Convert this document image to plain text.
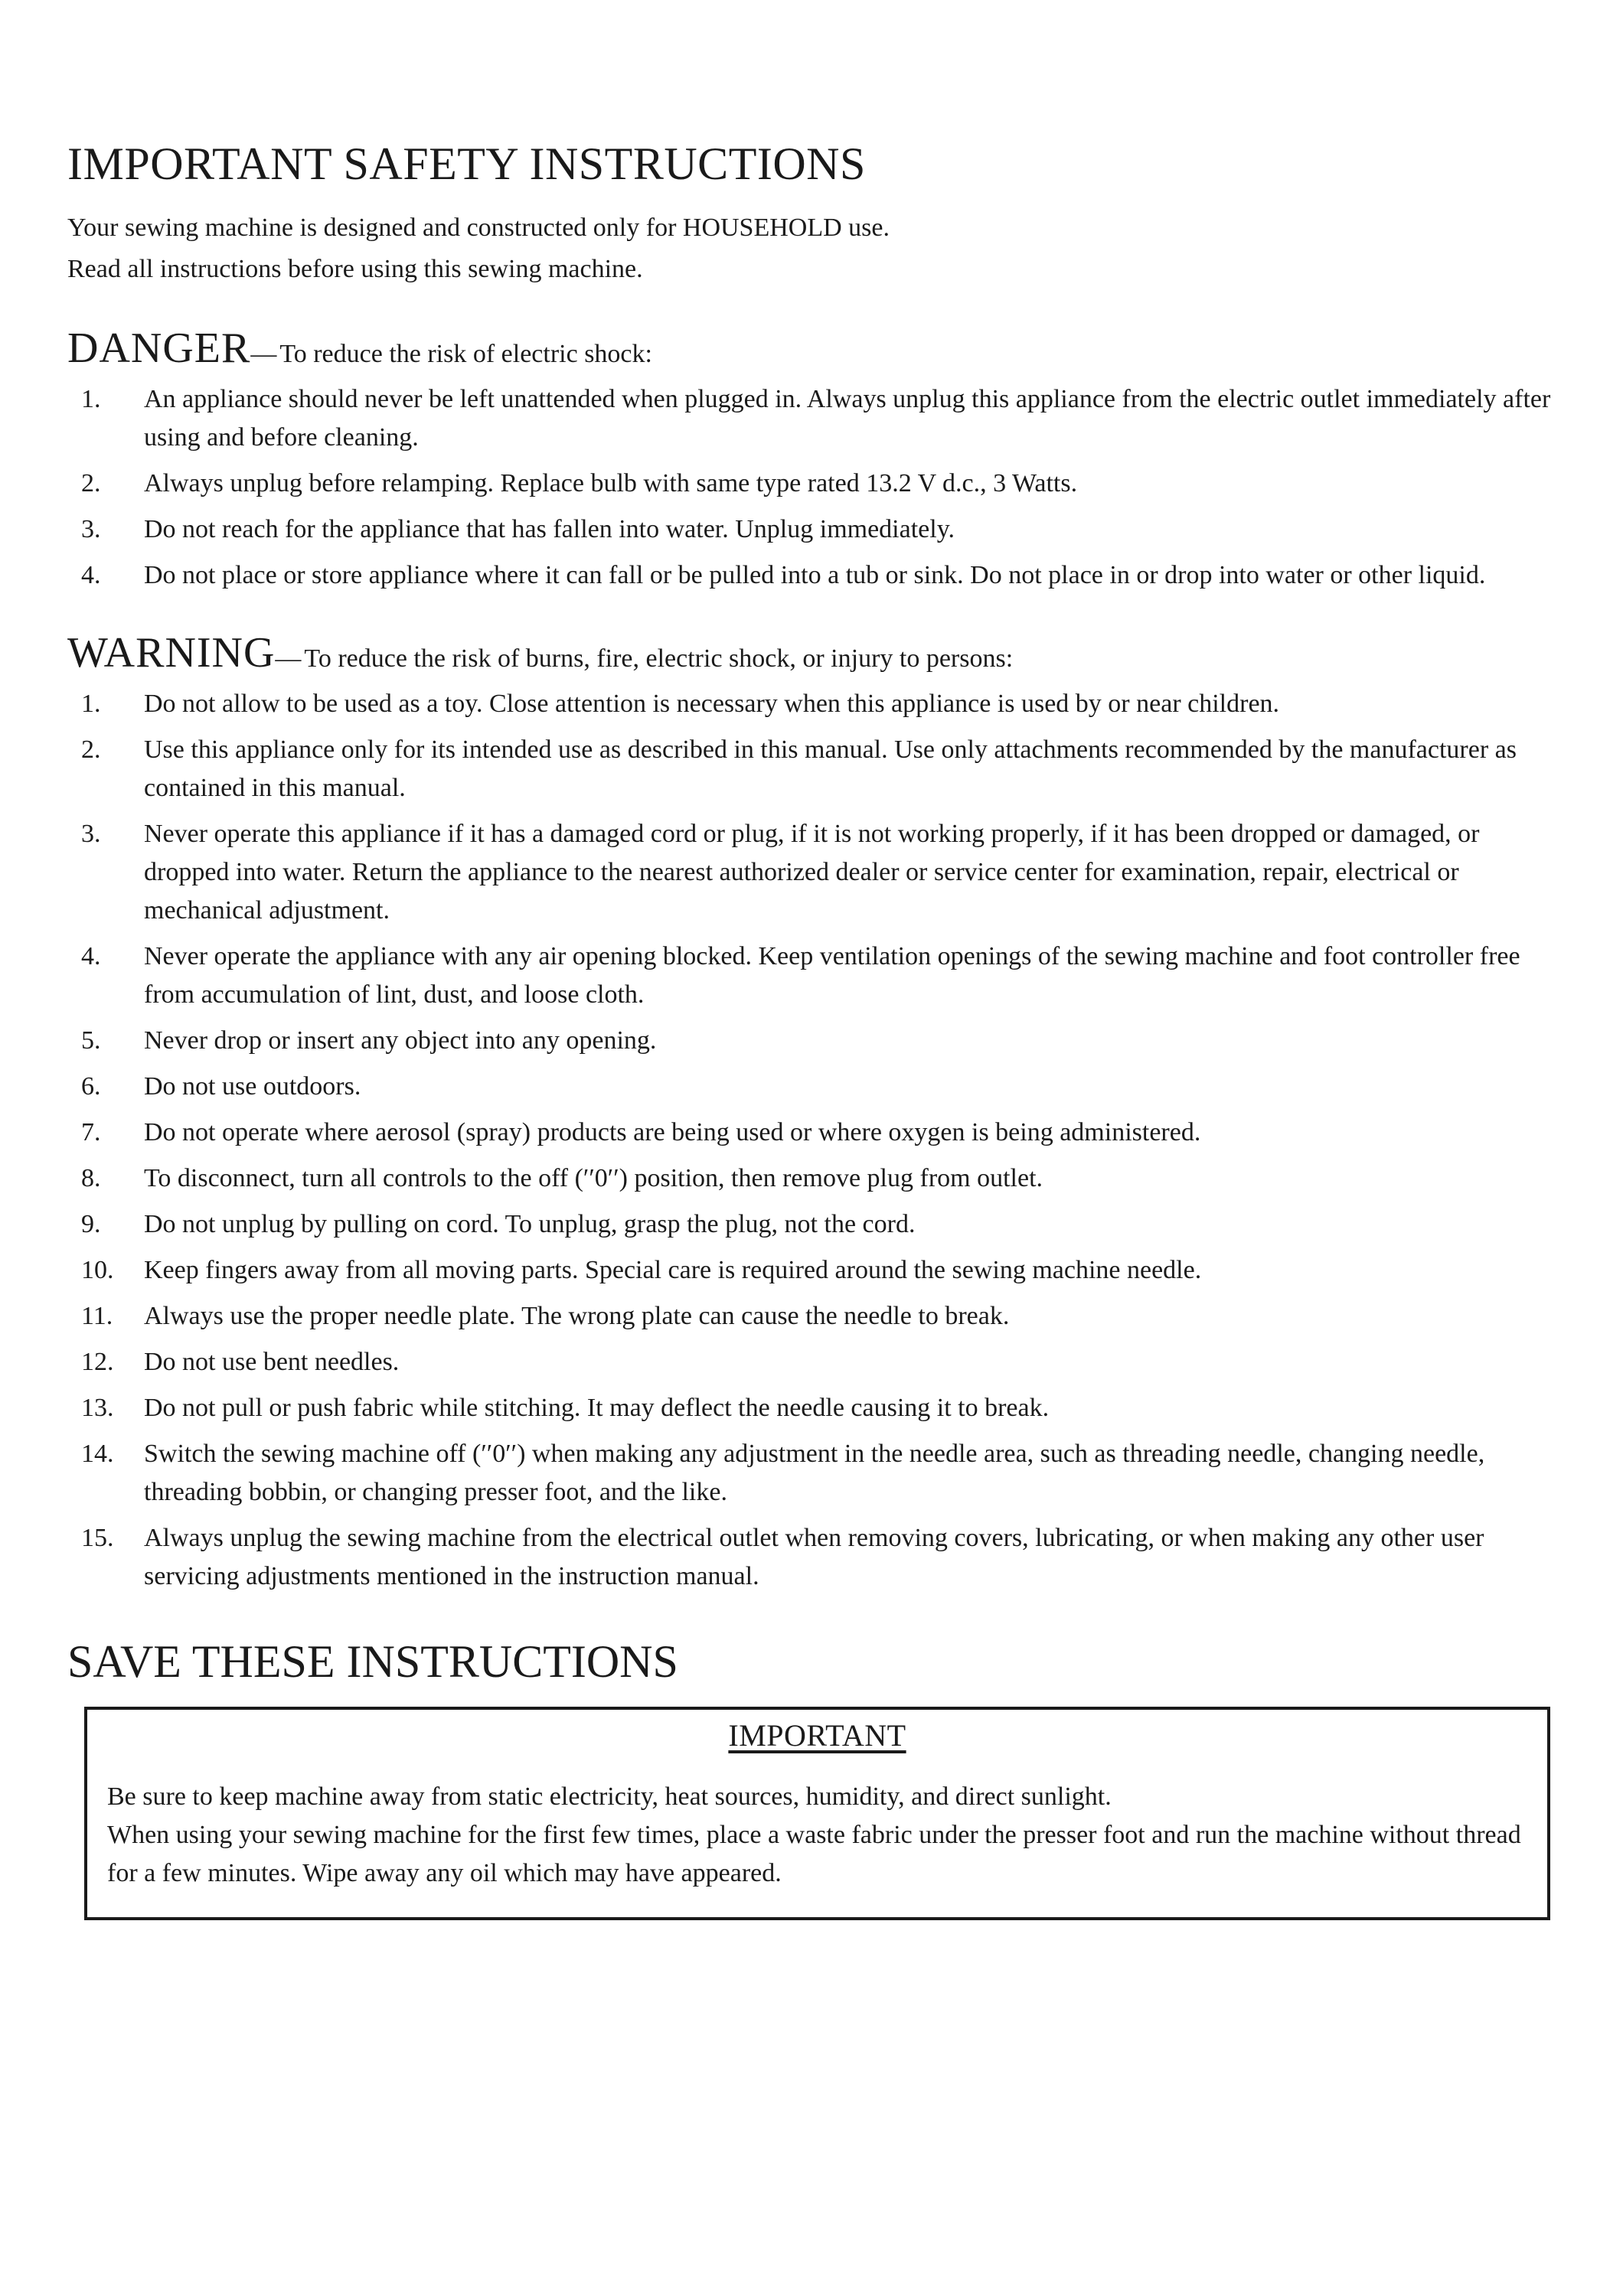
IMPORTANT SAFETY INSTRUCTIONS

Your sewing machine is designed and constructed only for HOUSEHOLD use.

Read all instructions before using this sewing machine.

DANGER — To reduce the risk of electric shock:
1.	An appliance should never be left unattended when plugged in. Always unplug this appliance from the electric outlet immediately after using and before cleaning.
2.	Always unplug before relamping. Replace bulb with same type rated 13.2 V d.c., 3 Watts.
3.	Do not reach for the appliance that has fallen into water. Unplug immediately.
4.	Do not place or store appliance where it can fall or be pulled into a tub or sink. Do not place in or drop into water or other liquid.
WARNING — To reduce the risk of burns, fire, electric shock, or injury to persons:
1.	Do not allow to be used as a toy. Close attention is necessary when this appliance is used by or near children.
2.	Use this appliance only for its intended use as described in this manual. Use only attachments recommended by the manufacturer as contained in this manual.
3.	Never operate this appliance if it has a damaged cord or plug, if it is not working properly, if it has been dropped or damaged, or dropped into water. Return the appliance to the nearest authorized dealer or service center for examination, repair, electrical or mechanical adjustment.
4.	Never operate the appliance with any air opening blocked. Keep ventilation openings of the sewing machine and foot controller free from accumulation of lint, dust, and loose cloth.
5.	Never drop or insert any object into any opening.
6.	Do not use outdoors.
7.	Do not operate where aerosol (spray) products are being used or where oxygen is being administered.
8.	To disconnect, turn all controls to the off (′′0′′) position, then remove plug from outlet.
9.	Do not unplug by pulling on cord. To unplug, grasp the plug, not the cord.
10.	Keep fingers away from all moving parts. Special care is required around the sewing machine needle.
11.	Always use the proper needle plate. The wrong plate can cause the needle to break.
12.	Do not use bent needles.
13.	Do not pull or push fabric while stitching. It may deflect the needle causing it to break.
14.	Switch the sewing machine off (′′0′′) when making any adjustment in the needle area, such as threading needle, changing needle, threading bobbin, or changing presser foot, and the like.
15.	Always unplug the sewing machine from the electrical outlet when removing covers, lubricating, or when making any other user servicing adjustments mentioned in the instruction manual.
SAVE THESE INSTRUCTIONS
IMPORTANT

Be sure to keep machine away from static electricity, heat sources, humidity, and direct sunlight.

When using your sewing machine for the first few times, place a waste fabric under the presser foot and run the machine without thread for a few minutes. Wipe away any oil which may have appeared.
